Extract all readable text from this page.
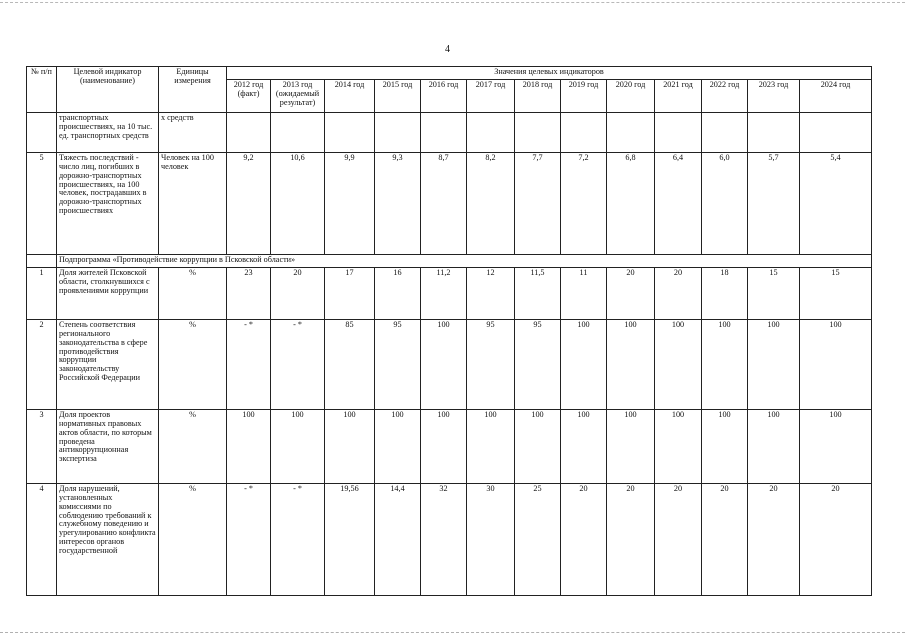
4
№ п/п	Целевой индикатор (наименование)	Единицы измерения	Значения целевых индикаторов												
			2012 год (факт)	2013 год (ожидаемый результат)	2014 год	2015 год	2016 год	2017 год	2018 год	2019 год	2020 год	2021 год	2022 год	2023 год	2024 год
	транспортных происшествиях, на 10 тыс. ед. транспортных средств	х средств													
5	Тяжесть последствий - число лиц, погибших в дорожно-транспортных происшествиях, на 100 человек, пострадавших в дорожно-транспортных происшествиях	Человек на 100 человек	9,2	10,6	9,9	9,3	8,7	8,2	7,7	7,2	6,8	6,4	6,0	5,7	5,4
	Подпрограмма «Противодействие коррупции в Псковской области»														
1	Доля жителей Псковской области, столкнувшихся с проявлениями коррупции	%	23	20	17	16	11,2	12	11,5	11	20	20	18	15	15
2	Степень соответствия регионального законодательства в сфере противодействия коррупции законодательству Российской Федерации	%	- *	- *	85	95	100	95	95	100	100	100	100	100	100
3	Доля проектов нормативных правовых актов области, по которым проведена антикоррупционная экспертиза	%	100	100	100	100	100	100	100	100	100	100	100	100	100
4	Доля нарушений, установленных комиссиями по соблюдению требований к служебному поведению и урегулированию конфликта интересов органов государственной	%	- *	- *	19,56	14,4	32	30	25	20	20	20	20	20	20
